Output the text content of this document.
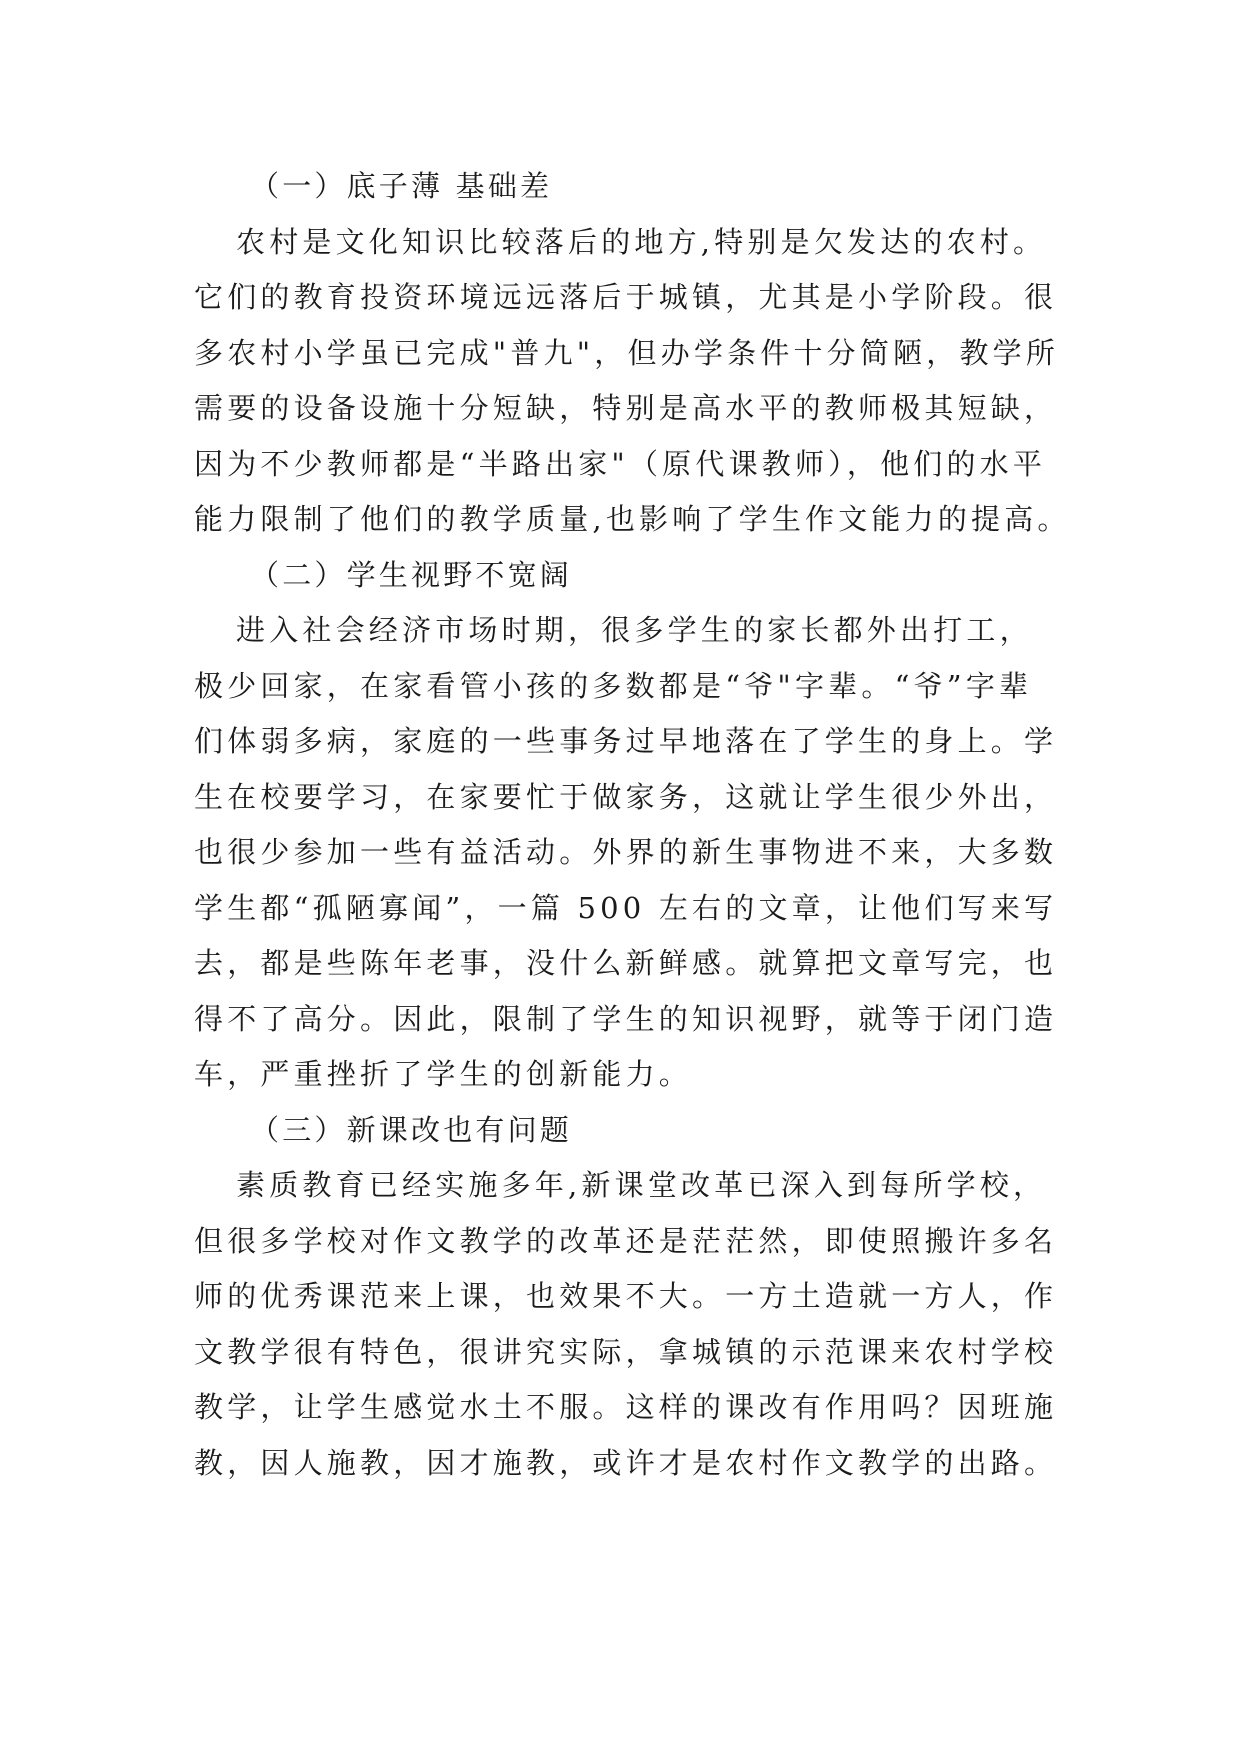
（一）底子薄 基础差
农村是文化知识比较落后的地方,特别是欠发达的农村。
它们的教育投资环境远远落后于城镇，尤其是小学阶段。很
多农村小学虽已完成"普九"，但办学条件十分简陋，教学所
需要的设备设施十分短缺，特别是高水平的教师极其短缺，
因为不少教师都是“半路出家"（原代课教师），他们的水平
能力限制了他们的教学质量,也影响了学生作文能力的提高。
（二）学生视野不宽阔
进入社会经济市场时期，很多学生的家长都外出打工，
极少回家，在家看管小孩的多数都是“爷"字辈。“爷”字辈
们体弱多病，家庭的一些事务过早地落在了学生的身上。学
生在校要学习，在家要忙于做家务，这就让学生很少外出，
也很少参加一些有益活动。外界的新生事物进不来，大多数
学生都“孤陋寡闻”，一篇 500 左右的文章，让他们写来写
去，都是些陈年老事，没什么新鲜感。就算把文章写完，也
得不了高分。因此，限制了学生的知识视野，就等于闭门造
车，严重挫折了学生的创新能力。
（三）新课改也有问题
素质教育已经实施多年,新课堂改革已深入到每所学校，
但很多学校对作文教学的改革还是茫茫然，即使照搬许多名
师的优秀课范来上课，也效果不大。一方土造就一方人，作
文教学很有特色，很讲究实际，拿城镇的示范课来农村学校
教学，让学生感觉水土不服。这样的课改有作用吗？因班施
教，因人施教，因才施教，或许才是农村作文教学的出路。
